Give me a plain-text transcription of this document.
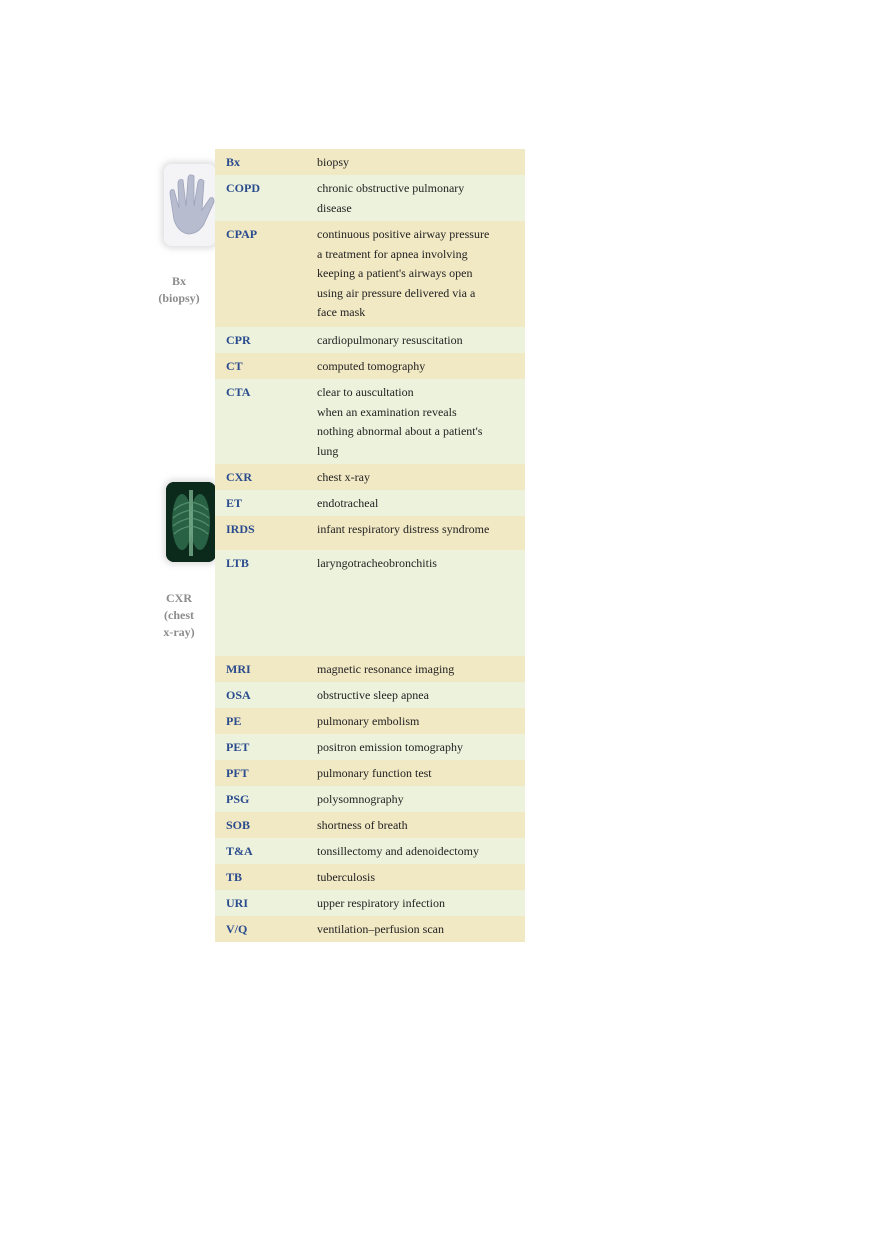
Bx
(biopsy)
CXR
(chest
x-ray)
Bx	biopsy
COPD	chronic obstructive pulmonary
disease
CPAP	continuous positive airway pressure
a treatment for apnea involving
keeping a patient's airways open
using air pressure delivered via a
face mask
CPR	cardiopulmonary resuscitation
CT	computed tomography
CTA	clear to auscultation
when an examination reveals
nothing abnormal about a patient's
lung
CXR	chest x-ray
ET	endotracheal
IRDS	infant respiratory distress syndrome
LTB	laryngotracheobronchitis
MRI	magnetic resonance imaging
OSA	obstructive sleep apnea
PE	pulmonary embolism
PET	positron emission tomography
PFT	pulmonary function test
PSG	polysomnography
SOB	shortness of breath
T&A	tonsillectomy and adenoidectomy
TB	tuberculosis
URI	upper respiratory infection
V/Q	ventilation–perfusion scan
